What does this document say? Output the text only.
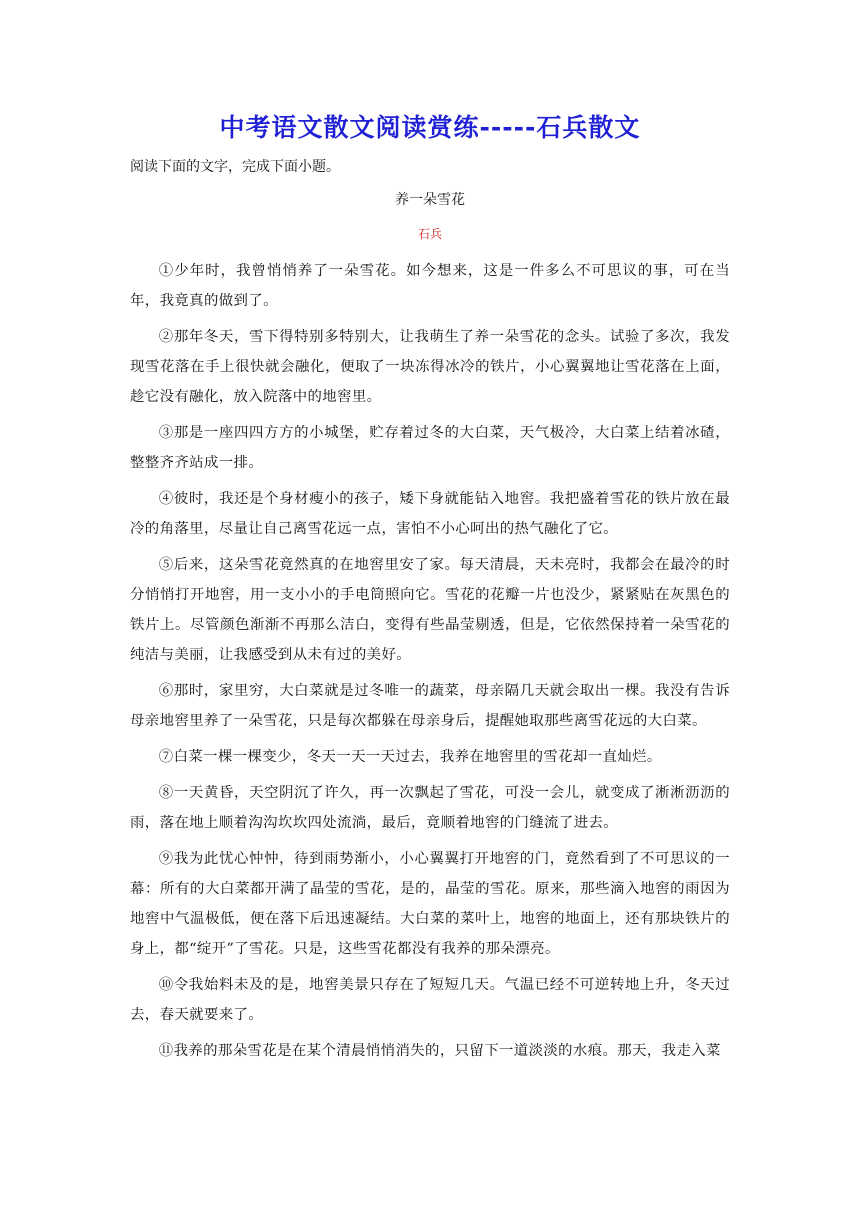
中考语文散文阅读赏练-----石兵散文

阅读下面的文字，完成下面小题。

养一朵雪花

石兵

①少年时，我曾悄悄养了一朵雪花。如今想来，这是一件多么不可思议的事，可在当年，我竟真的做到了。

②那年冬天，雪下得特别多特别大，让我萌生了养一朵雪花的念头。试验了多次，我发现雪花落在手上很快就会融化，便取了一块冻得冰冷的铁片，小心翼翼地让雪花落在上面，趁它没有融化，放入院落中的地窖里。

③那是一座四四方方的小城堡，贮存着过冬的大白菜，天气极冷，大白菜上结着冰碴，整整齐齐站成一排。

④彼时，我还是个身材瘦小的孩子，矮下身就能钻入地窖。我把盛着雪花的铁片放在最冷的角落里，尽量让自己离雪花远一点，害怕不小心呵出的热气融化了它。

⑤后来，这朵雪花竟然真的在地窖里安了家。每天清晨，天未亮时，我都会在最冷的时分悄悄打开地窖，用一支小小的手电筒照向它。雪花的花瓣一片也没少，紧紧贴在灰黑色的铁片上。尽管颜色渐渐不再那么洁白，变得有些晶莹剔透，但是，它依然保持着一朵雪花的纯洁与美丽，让我感受到从未有过的美好。

⑥那时，家里穷，大白菜就是过冬唯一的蔬菜，母亲隔几天就会取出一棵。我没有告诉母亲地窖里养了一朵雪花，只是每次都躲在母亲身后，提醒她取那些离雪花远的大白菜。

⑦白菜一棵一棵变少，冬天一天一天过去，我养在地窖里的雪花却一直灿烂。

⑧一天黄昏，天空阴沉了许久，再一次飘起了雪花，可没一会儿，就变成了淅淅沥沥的雨，落在地上顺着沟沟坎坎四处流淌，最后，竟顺着地窖的门缝流了进去。

⑨我为此忧心忡忡，待到雨势渐小，小心翼翼打开地窖的门，竟然看到了不可思议的一幕：所有的大白菜都开满了晶莹的雪花，是的，晶莹的雪花。原来，那些滴入地窖的雨因为地窖中气温极低，便在落下后迅速凝结。大白菜的菜叶上，地窖的地面上，还有那块铁片的身上，都“绽开”了雪花。只是，这些雪花都没有我养的那朵漂亮。

⑩令我始料未及的是，地窖美景只存在了短短几天。气温已经不可逆转地上升，冬天过去，春天就要来了。

⑪我养的那朵雪花是在某个清晨悄悄消失的，只留下一道淡淡的水痕。那天，我走入菜
